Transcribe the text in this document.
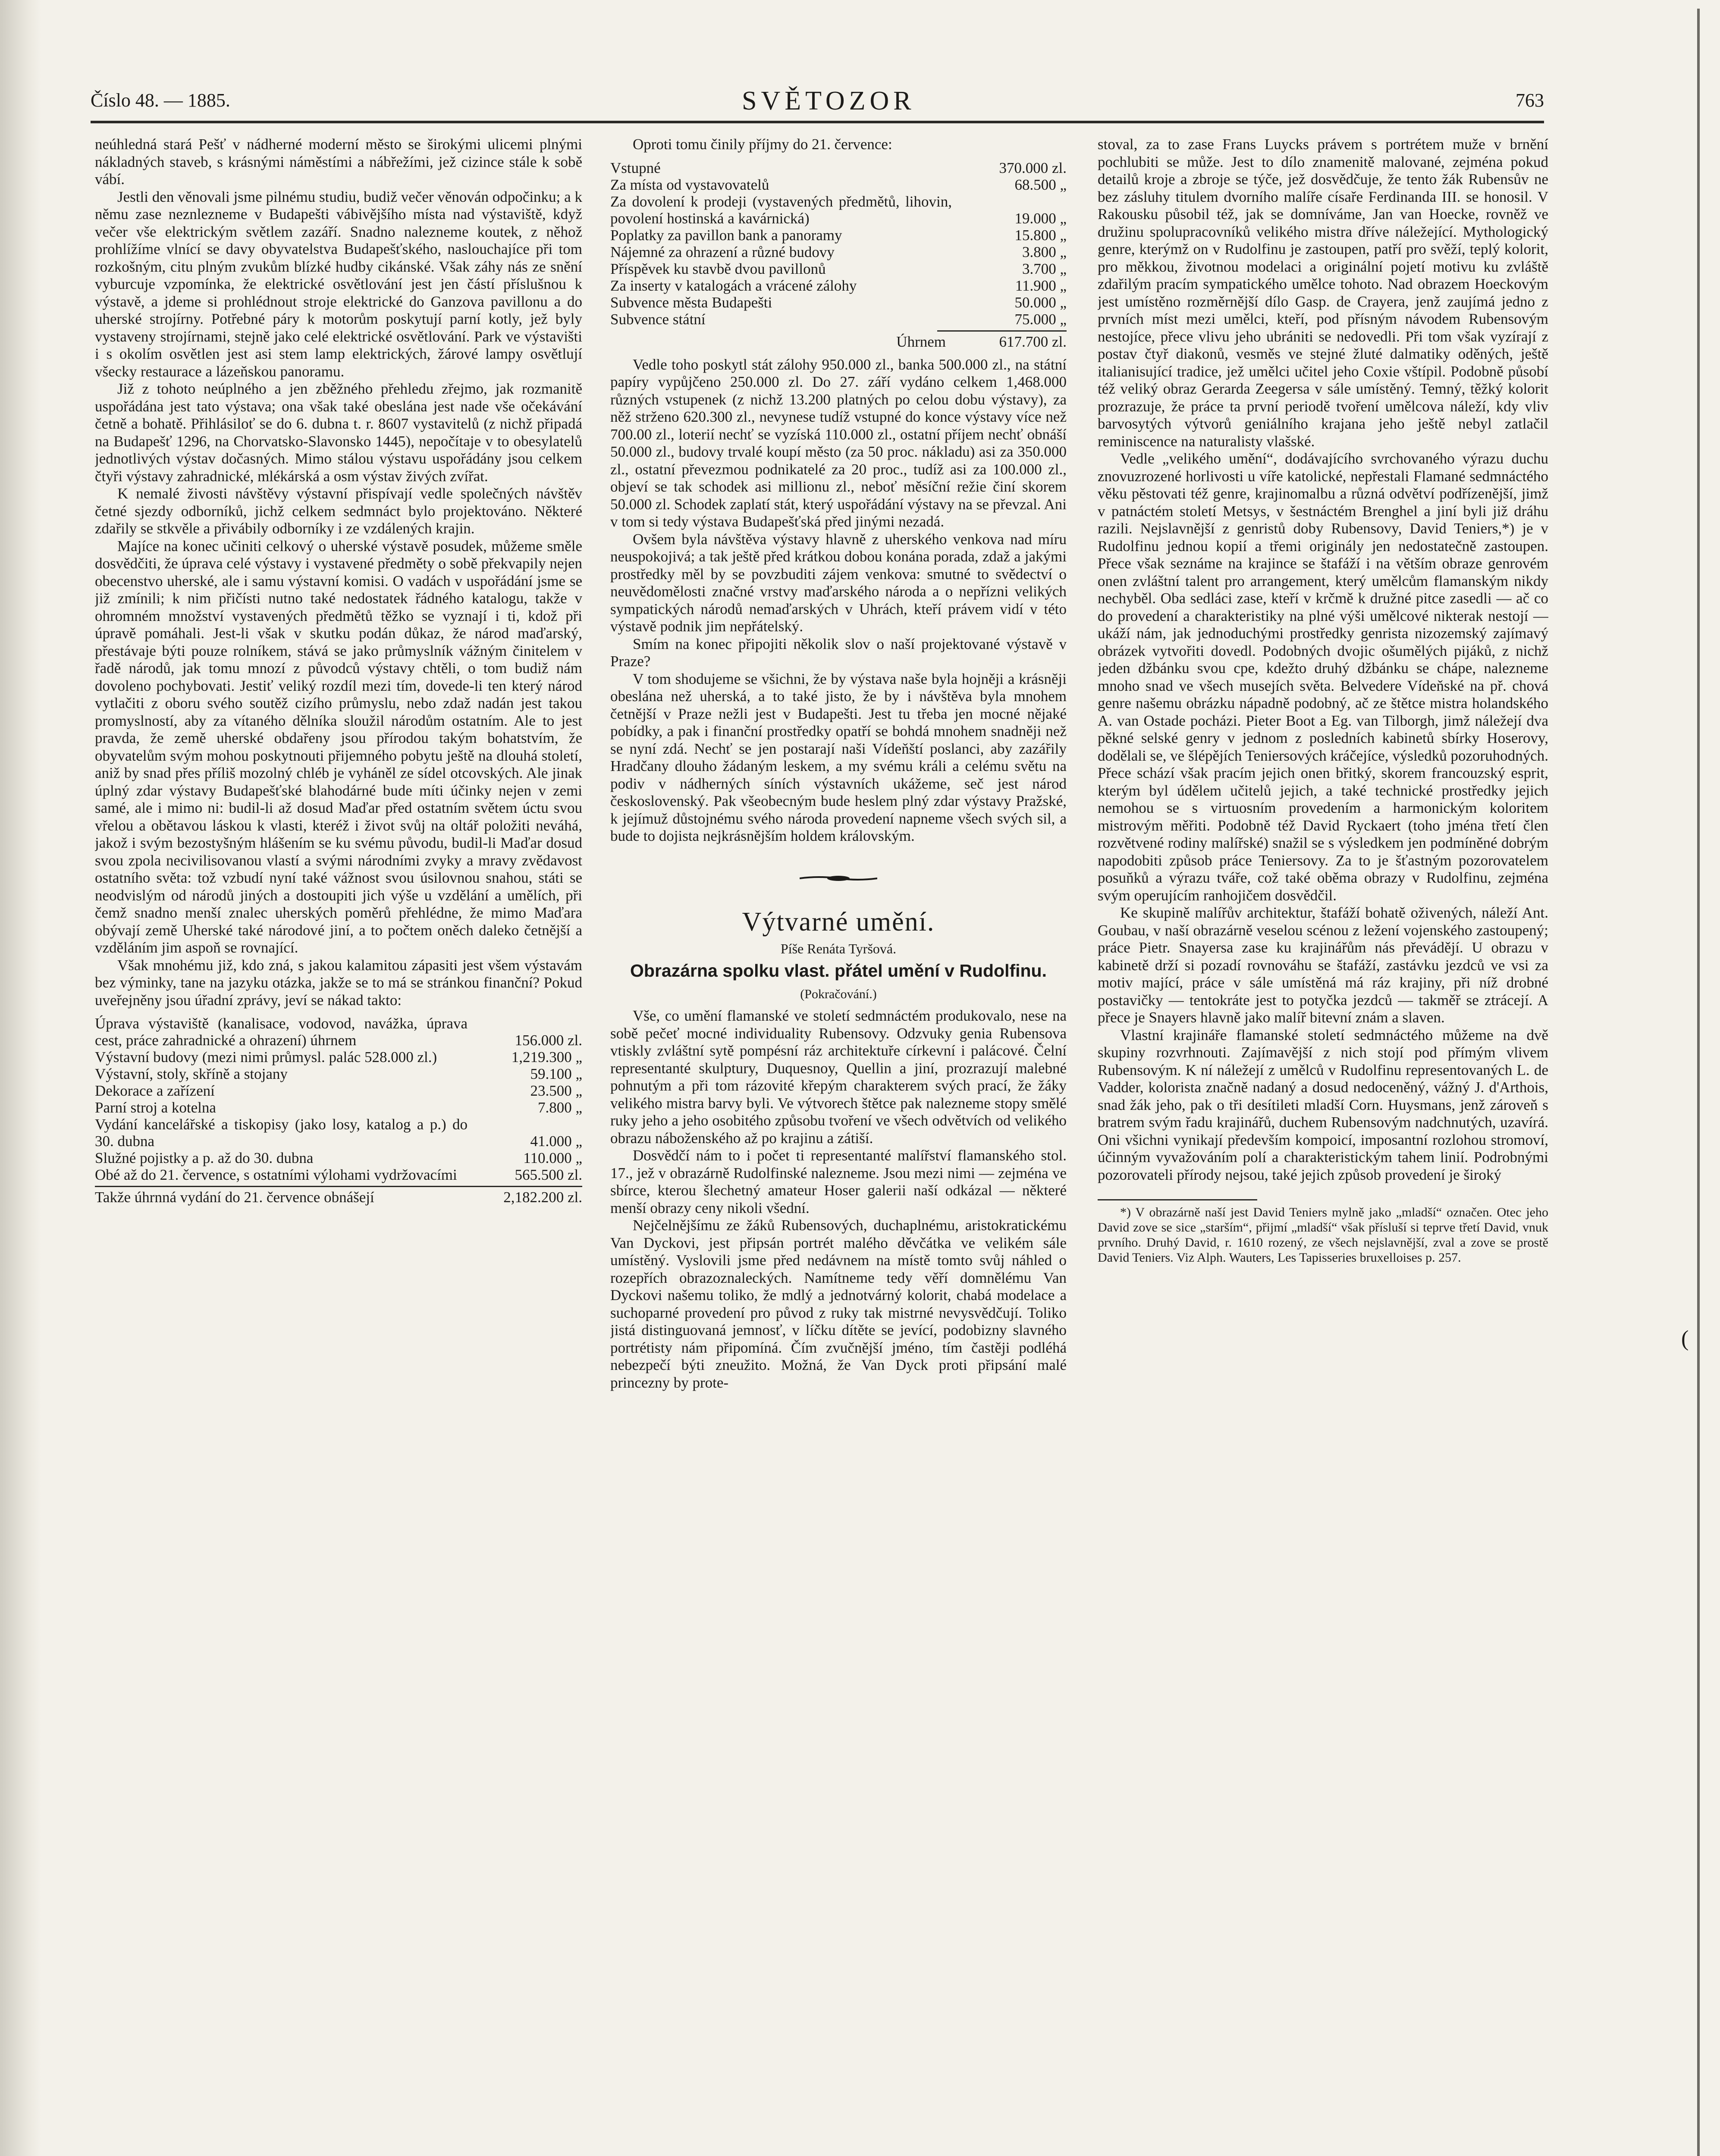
Číslo 48. — 1885.	SVĚTOZOR	763

neúhledná stará Pešť v nádherné moderní město se širokými ulicemi plnými nákladných staveb, s krásnými náměstími a nábřežími, jež cizince stále k sobě vábí.

Jestli den věnovali jsme pilnému studiu, budiž večer věnován odpočinku; a k němu zase neznlezneme v Budapešti vábivějšího místa nad výstaviště, když večer vše elektrickým světlem zazáří. Snadno nalezneme koutek, z něhož prohlížíme vlnící se davy obyvatelstva Budapešťského, naslouchajíce při tom rozkošným, citu plným zvukům blízké hudby cikánské. Však záhy nás ze snění vyburcuje vzpomínka, že elektrické osvětlování jest jen částí příslušnou k výstavě, a jdeme si prohlédnout stroje elektrické do Ganzova pavillonu a do uherské strojírny. Potřebné páry k motorům poskytují parní kotly, jež byly vystaveny strojírnami, stejně jako celé elektrické osvětlování. Park ve výstavišti i s okolím osvětlen jest asi stem lamp elektrických, žárové lampy osvětlují všecky restaurace a lázeňskou panoramu.

Již z tohoto neúplného a jen zběžného přehledu zřejmo, jak rozmanitě uspořádána jest tato výstava; ona však také obeslána jest nade vše očekávání četně a bohatě. Přihlásiloť se do 6. dubna t. r. 8607 vystavitelů (z nichž připadá na Budapešť 1296, na Chorvatsko-Slavonsko 1445), nepočítaje v to obesylatelů jednotlivých výstav dočasných. Mimo stálou výstavu uspořádány jsou celkem čtyři výstavy zahradnické, mlékárská a osm výstav živých zvířat.

K nemalé živosti návštěvy výstavní přispívají vedle společných návštěv četné sjezdy odborníků, jichž celkem sedmnáct bylo projektováno. Některé zdařily se stkvěle a přivábily odborníky i ze vzdálených krajin.

Majíce na konec učiniti celkový o uherské výstavě posudek, můžeme směle dosvědčiti, že úprava celé výstavy i vystavené předměty o sobě překvapily nejen obecenstvo uherské, ale i samu výstavní komisi. O vadách v uspořádání jsme se již zmínili; k nim přičísti nutno také nedostatek řádného katalogu, takže v ohromném množství vystavených předmětů těžko se vyznají i ti, kdož při úpravě pomáhali. Jest-li však v skutku podán důkaz, že národ maďarský, přestávaje býti pouze rolníkem, stává se jako průmyslník vážným činitelem v řadě národů, jak tomu mnozí z původců výstavy chtěli, o tom budiž nám dovoleno pochybovati. Jestiť veliký rozdíl mezi tím, dovede-li ten který národ vytlačiti z oboru svého soutěž cizího průmyslu, nebo zdaž nadán jest takou promyslností, aby za vítaného dělníka sloužil národům ostatním. Ale to jest pravda, že země uherské obdařeny jsou přírodou takým bohatstvím, že obyvatelům svým mohou poskytnouti přijemného pobytu ještě na dlouhá století, aniž by snad přes příliš mozolný chléb je vyháněl ze sídel otcovských. Ale jinak úplný zdar výstavy Budapešťské blahodárné bude míti účinky nejen v zemi samé, ale i mimo ni: budil-li až dosud Maďar před ostatním světem úctu svou vřelou a obětavou láskou k vlasti, kteréž i život svůj na oltář položiti neváhá, jakož i svým bezostyšným hlášením se ku svému původu, budil-li Maďar dosud svou zpola necivilisovanou vlastí a svými národními zvyky a mravy zvědavost ostatního světa: tož vzbudí nyní také vážnost svou úsilovnou snahou, státi se neodvislým od národů jiných a dostoupiti jich výše u vzdělání a umělích, při čemž snadno menší znalec uherských poměrů přehlédne, že mimo Maďara obývají země Uherské také národové jiní, a to počtem oněch daleko četnější a vzděláním jim aspoň se rovnající.

Však mnohému již, kdo zná, s jakou kalamitou zápasiti jest všem výstavám bez výminky, tane na jazyku otázka, jakže se to má se stránkou finanční? Pokud uveřejněny jsou úřadní zprávy, jeví se nákad takto:

Úprava výstaviště (kanalisace, vodovod, navážka, úprava cest, práce zahradnické a ohrazení) úhrnem	156.000 zl.
Výstavní budovy (mezi nimi průmysl. palác 528.000 zl.)	1,219.300 „
Výstavní, stoly, skříně a stojany	59.100 „
Dekorace a zařízení	23.500 „
Parní stroj a kotelna	7.800 „
Vydání kancelářské a tiskopisy (jako losy, katalog a p.) do 30. dubna	41.000 „
Služné pojistky a p. až do 30. dubna	110.000 „
Obé až do 21. července, s ostatními výlohami vydržovacími	565.500 zl.
Takže úhrnná vydání do 21. července obnášejí	2,182.200 zl.

Oproti tomu činily příjmy do 21. července:

Vstupné	370.000 zl.
Za místa od vystavovatelů	68.500 „
Za dovolení k prodeji (vystavených předmětů, lihovin, povolení hostinská a kavárnická)	19.000 „
Poplatky za pavillon bank a panoramy	15.800 „
Nájemné za ohrazení a různé budovy	3.800 „
Příspěvek ku stavbě dvou pavillonů	3.700 „
Za inserty v katalogách a vrácené zálohy	11.900 „
Subvence města Budapešti	50.000 „
Subvence státní	75.000 „
Úhrnem	617.700 zl.

Vedle toho poskytl stát zálohy 950.000 zl., banka 500.000 zl., na státní papíry vypůjčeno 250.000 zl. Do 27. září vydáno celkem 1,468.000 různých vstupenek (z nichž 13.200 platných po celou dobu výstavy), za něž strženo 620.300 zl., nevynese tudíž vstupné do konce výstavy více než 700.00 zl., loterií nechť se vyzíská 110.000 zl., ostatní příjem nechť obnáší 50.000 zl., budovy trvalé koupí město (za 50 proc. nákladu) asi za 350.000 zl., ostatní převezmou podnikatelé za 20 proc., tudíž asi za 100.000 zl., objeví se tak schodek asi millionu zl., neboť měsíční režie činí skorem 50.000 zl. Schodek zaplatí stát, který uspořádání výstavy na se převzal. Ani v tom si tedy výstava Budapešťská před jinými nezadá.

Ovšem byla návštěva výstavy hlavně z uherského venkova nad míru neuspokojivá; a tak ještě před krátkou dobou konána porada, zdaž a jakými prostředky měl by se povzbuditi zájem venkova: smutné to svědectví o neuvědomělosti značné vrstvy maďarského národa a o nepřízni velikých sympatických národů nemaďarských v Uhrách, kteří právem vidí v této výstavě podnik jim nepřátelský.

Smím na konec připojiti několik slov o naší projektované výstavě v Praze?

V tom shodujeme se všichni, že by výstava naše byla hojněji a krásněji obeslána než uherská, a to také jisto, že by i návštěva byla mnohem četnější v Praze nežli jest v Budapešti. Jest tu třeba jen mocné nějaké pobídky, a pak i finanční prostředky opatří se bohdá mnohem snadněji než se nyní zdá. Nechť se jen postarají naši Vídeňští poslanci, aby zazářily Hradčany dlouho žádaným leskem, a my svému králi a celému světu na podiv v nádherných síních výstavních ukážeme, seč jest národ československý. Pak všeobecným bude heslem plný zdar výstavy Pražské, k jejímuž důstojnému svého národa provedení napneme všech svých sil, a bude to dojista nejkrásnějším holdem královským.

Výtvarné umění.
Píše Renáta Tyršová.
Obrazárna spolku vlast. přátel umění v Rudolfinu.
(Pokračování.)

Vše, co umění flamanské ve století sedmnáctém produkovalo, nese na sobě pečeť mocné individuality Rubensovy. Odzvuky genia Rubensova vtiskly zvláštní sytě pompésní ráz architektuře církevní i palácové. Čelní representanté skulptury, Duquesnoy, Quellin a jiní, prozrazují malebné pohnutým a při tom rázovité křepým charakterem svých prací, že žáky velikého mistra barvy byli. Ve výtvorech štětce pak nalezneme stopy smělé ruky jeho a jeho osobitého způsobu tvoření ve všech odvětvích od velikého obrazu náboženského až po krajinu a zátiší.

Dosvědčí nám to i počet ti representanté malířství flamanského stol. 17., jež v obrazárně Rudolfinské nalezneme. Jsou mezi nimi — zejména ve sbírce, kterou šlechetný amateur Hoser galerii naší odkázal — některé menší obrazy ceny nikoli všední.

Nejčelnějšímu ze žáků Rubensových, duchaplnému, aristokratickému Van Dyckovi, jest připsán portrét malého děvčátka ve velikém sále umístěný. Vyslovili jsme před nedávnem na místě tomto svůj náhled o rozepřích obrazoznaleckých. Namítneme tedy věří domnělému Van Dyckovi našemu toliko, že mdlý a jednotvárný kolorit, chabá modelace a suchoparné provedení pro původ z ruky tak mistrné nevysvědčují. Toliko jistá distinguovaná jemnosť, v líčku dítěte se jevící, podobizny slavného portrétisty nám připomíná. Čím zvučnější jméno, tím častěji podléhá nebezpečí býti zneužito. Možná, že Van Dyck proti připsání malé princezny by prote-

stoval, za to zase Frans Luycks právem s portrétem muže v brnění pochlubiti se může. Jest to dílo znamenitě malované, zejména pokud detailů kroje a zbroje se týče, jež dosvědčuje, že tento žák Rubensův ne bez zásluhy titulem dvorního malíře císaře Ferdinanda III. se honosil. V Rakousku působil též, jak se domníváme, Jan van Hoecke, rovněž ve družinu spolupracovníků velikého mistra dříve náležející. Mythologický genre, kterýmž on v Rudolfinu je zastoupen, patří pro svěží, teplý kolorit, pro měkkou, životnou modelaci a originální pojetí motivu ku zvláště zdařilým pracím sympatického umělce tohoto. Nad obrazem Hoeckovým jest umístěno rozměrnější dílo Gasp. de Crayera, jenž zaujímá jedno z prvních míst mezi umělci, kteří, pod přísným návodem Rubensovým nestojíce, přece vlivu jeho ubrániti se nedovedli. Při tom však vyzírají z postav čtyř diakonů, vesměs ve stejné žluté dalmatiky oděných, ještě italianisující tradice, jež umělci učitel jeho Coxie vštípil. Podobně působí též veliký obraz Gerarda Zeegersa v sále umístěný. Temný, těžký kolorit prozrazuje, že práce ta první periodě tvoření umělcova náleží, kdy vliv barvosytých výtvorů geniálního krajana jeho ještě nebyl zatlačil reminiscence na naturalisty vlašské.

Vedle „velikého umění“, dodávajícího svrchovaného výrazu duchu znovuzrozené horlivosti u víře katolické, nepřestali Flamané sedmnáctého věku pěstovati též genre, krajinomalbu a různá odvětví podřízenější, jimž v patnáctém století Metsys, v šestnáctém Brenghel a jiní byli již dráhu razili. Nejslavnější z genristů doby Rubensovy, David Teniers,*) je v Rudolfinu jednou kopií a třemi originály jen nedostatečně zastoupen. Přece však seznáme na krajince se štafáží i na větším obraze genrovém onen zvláštní talent pro arrangement, který umělcům flamanským nikdy nechyběl. Oba sedláci zase, kteří v krčmě k družné pitce zasedli — ač co do provedení a charakteristiky na plné výši umělcové nikterak nestojí — ukáží nám, jak jednoduchými prostředky genrista nizozemský zajímavý obrázek vytvořiti dovedl. Podobných dvojic ošumělých pijáků, z nichž jeden džbánku svou cpe, kdežto druhý džbánku se chápe, nalezneme mnoho snad ve všech musejích světa. Belvedere Vídeňské na př. chová genre našemu obrázku nápadně podobný, ač ze štětce mistra holandského A. van Ostade pocházi. Pieter Boot a Eg. van Tilborgh, jimž náležejí dva pěkné selské genry v jednom z posledních kabinetů sbírky Hoserovy, dodělali se, ve šlépějích Teniersových kráčejíce, výsledků pozoruhodných. Přece schází však pracím jejich onen břitký, skorem francouzský esprit, kterým byl údělem učitelů jejich, a také technické prostředky jejich nemohou se s virtuosním provedením a harmonickým koloritem mistrovým měřiti. Podobně též David Ryckaert (toho jména třetí člen rozvětvené rodiny malířské) snažil se s výsledkem jen podmíněné dobrým napodobiti způsob práce Teniersovy. Za to je šťastným pozorovatelem posuňků a výrazu tváře, což také oběma obrazy v Rudolfinu, zejména svým operujícím ranhojičem dosvědčil.

Ke skupině malířův architektur, štafáží bohatě oživených, náleží Ant. Goubau, v naší obrazárně veselou scénou z ležení vojenského zastoupený; práce Pietr. Snayersa zase ku krajinářům nás převádějí. U obrazu v kabinetě drží si pozadí rovnováhu se štafáží, zastávku jezdců ve vsi za motiv mající, práce v sále umístěná má ráz krajiny, při níž drobné postavičky — tentokráte jest to potyčka jezdců — takměř se ztrácejí. A přece je Snayers hlavně jako malíř bitevní znám a slaven.

Vlastní krajináře flamanské století sedmnáctého můžeme na dvě skupiny rozvrhnouti. Zajímavější z nich stojí pod přímým vlivem Rubensovým. K ní náležejí z umělců v Rudolfinu representovaných L. de Vadder, kolorista značně nadaný a dosud nedoceněný, vážný J. d'Arthois, snad žák jeho, pak o tři desítileti mladší Corn. Huysmans, jenž zároveň s bratrem svým řadu krajinářů, duchem Rubensovým nadchnutých, uzavírá. Oni všichni vynikají především kompoicí, imposantní rozlohou stromoví, účinným vyvažováním polí a charakteristickým tahem linií. Podrobnými pozorovateli přírody nejsou, také jejich způsob provedení je široký

*) V obrazárně naší jest David Teniers mylně jako „mladší“ označen. Otec jeho David zove se sice „starším“, přijmí „mladší“ však přísluší si teprve třetí David, vnuk prvního. Druhý David, r. 1610 rozený, ze všech nejslavnější, zval a zove se prostě David Teniers. Viz Alph. Wauters, Les Tapisseries bruxelloises p. 257.

(
